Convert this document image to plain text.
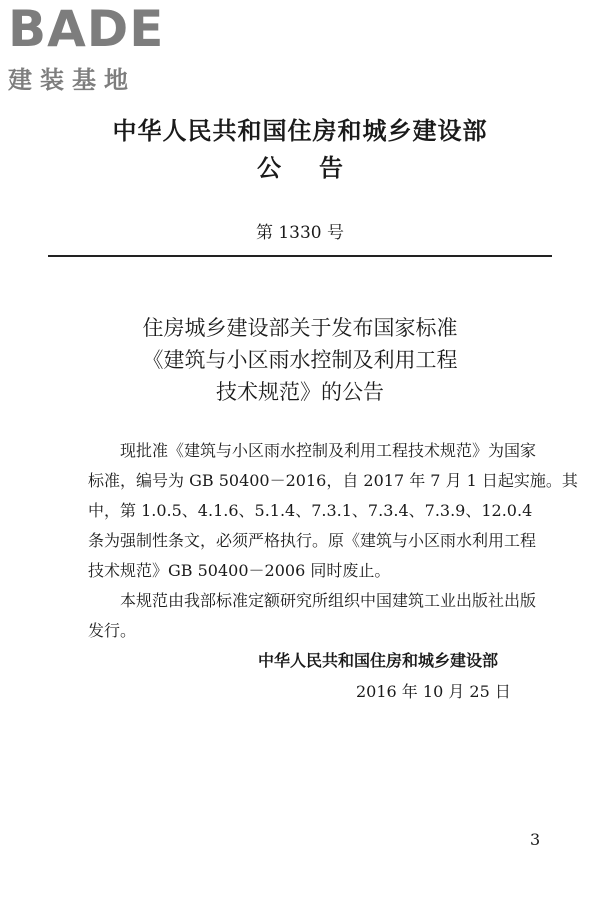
BADE
建装基地
中华人民共和国住房和城乡建设部
公告
第 1330 号
住房城乡建设部关于发布国家标准
《建筑与小区雨水控制及利用工程
技术规范》的公告
现批准《建筑与小区雨水控制及利用工程技术规范》为国家
标准，编号为 GB 50400－2016，自 2017 年 7 月 1 日起实施。其
中，第 1.0.5、4.1.6、5.1.4、7.3.1、7.3.4、7.3.9、12.0.4
条为强制性条文，必须严格执行。原《建筑与小区雨水利用工程
技术规范》GB 50400－2006 同时废止。
本规范由我部标准定额研究所组织中国建筑工业出版社出版
发行。
中华人民共和国住房和城乡建设部
2016 年 10 月 25 日
3
